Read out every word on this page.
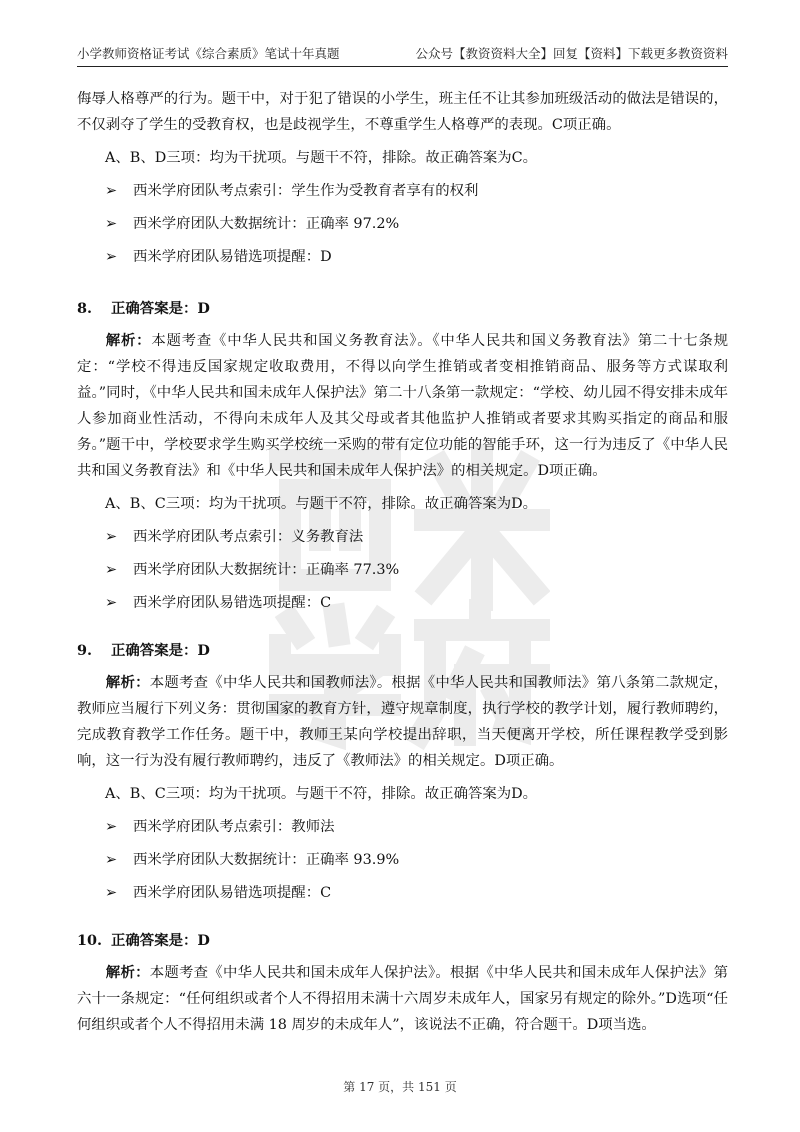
小学教师资格证考试《综合素质》笔试十年真题	公众号【教资资料大全】回复【资料】下载更多教资资料

侮辱人格尊严的行为。题干中，对于犯了错误的小学生，班主任不让其参加班级活动的做法是错误的，不仅剥夺了学生的受教育权，也是歧视学生，不尊重学生人格尊严的表现。C项正确。

A、B、D三项：均为干扰项。与题干不符，排除。故正确答案为C。
➢ 西米学府团队考点索引：学生作为受教育者享有的权利
➢ 西米学府团队大数据统计：正确率 97.2%
➢ 西米学府团队易错选项提醒：D
8. 正确答案是：D

解析：本题考查《中华人民共和国义务教育法》。《中华人民共和国义务教育法》第二十七条规定：“学校不得违反国家规定收取费用，不得以向学生推销或者变相推销商品、服务等方式谋取利益。”同时，《中华人民共和国未成年人保护法》第二十八条第一款规定：“学校、幼儿园不得安排未成年人参加商业性活动，不得向未成年人及其父母或者其他监护人推销或者要求其购买指定的商品和服务。”题干中，学校要求学生购买学校统一采购的带有定位功能的智能手环，这一行为违反了《中华人民共和国义务教育法》和《中华人民共和国未成年人保护法》的相关规定。D项正确。

A、B、C三项：均为干扰项。与题干不符，排除。故正确答案为D。
➢ 西米学府团队考点索引：义务教育法
➢ 西米学府团队大数据统计：正确率 77.3%
➢ 西米学府团队易错选项提醒：C
9. 正确答案是：D

解析：本题考查《中华人民共和国教师法》。根据《中华人民共和国教师法》第八条第二款规定，教师应当履行下列义务：贯彻国家的教育方针，遵守规章制度，执行学校的教学计划，履行教师聘约，完成教育教学工作任务。题干中，教师王某向学校提出辞职，当天便离开学校，所任课程教学受到影响，这一行为没有履行教师聘约，违反了《教师法》的相关规定。D项正确。

A、B、C三项：均为干扰项。与题干不符，排除。故正确答案为D。
➢ 西米学府团队考点索引：教师法
➢ 西米学府团队大数据统计：正确率 93.9%
➢ 西米学府团队易错选项提醒：C
10. 正确答案是：D

解析：本题考查《中华人民共和国未成年人保护法》。根据《中华人民共和国未成年人保护法》第六十一条规定：“任何组织或者个人不得招用未满十六周岁未成年人，国家另有规定的除外。”D选项“任何组织或者个人不得招用未满 18 周岁的未成年人”，该说法不正确，符合题干。D项当选。

第 17 页，共 151 页
